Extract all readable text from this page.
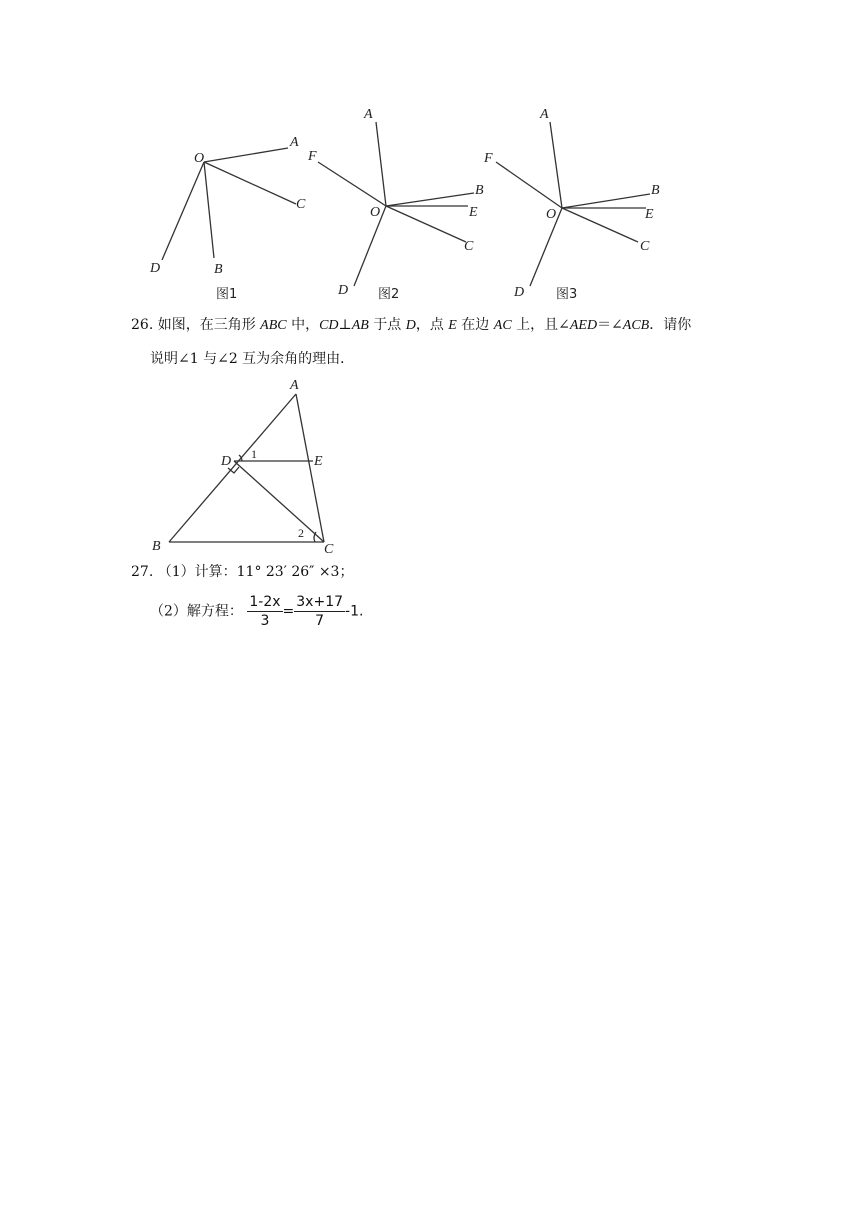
O
A
C
D	B
图1
A
F
B
E
O
C
D 图2
A
F
B
E
O
C
D 图3
26. 如图，在三角形 ABC 中，CD⊥AB 于点 D，点 E 在边 AC 上，且∠AED＝∠ACB．请你
说明∠1 与∠2 互为余角的理由．
A
D	E
B	C
1
2
27. （1）计算：11° 23′ 26″ ×3；
（2）解方程： $\frac{1-2x}{3} = \frac{3x+17}{7} -1$.
